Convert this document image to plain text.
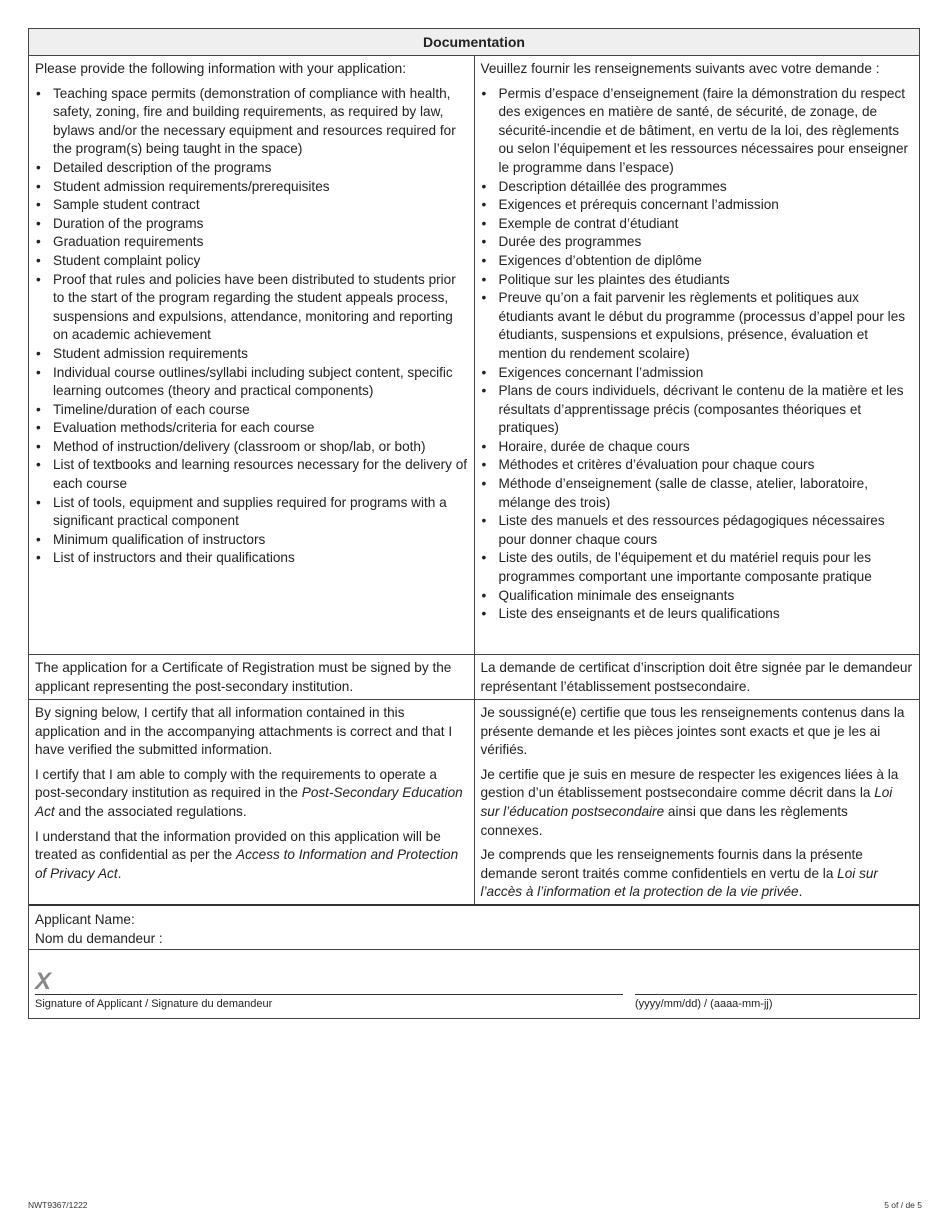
Documentation

Please provide the following information with your application:

• Teaching space permits (demonstration of compliance with health, safety, zoning, fire and building requirements, as required by law, bylaws and/or the necessary equipment and resources required for the program(s) being taught in the space)
• Detailed description of the programs
• Student admission requirements/prerequisites
• Sample student contract
• Duration of the programs
• Graduation requirements
• Student complaint policy
• Proof that rules and policies have been distributed to students prior to the start of the program regarding the student appeals process, suspensions and expulsions, attendance, monitoring and reporting on academic achievement
• Student admission requirements
• Individual course outlines/syllabi including subject content, specific learning outcomes (theory and practical components)
• Timeline/duration of each course
• Evaluation methods/criteria for each course
• Method of instruction/delivery (classroom or shop/lab, or both)
• List of textbooks and learning resources necessary for the delivery of each course
• List of tools, equipment and supplies required for programs with a significant practical component
• Minimum qualification of instructors
• List of instructors and their qualifications

Veuillez fournir les renseignements suivants avec votre demande :

• Permis d’espace d’enseignement (faire la démonstration du respect des exigences en matière de santé, de sécurité, de zonage, de sécurité-incendie et de bâtiment, en vertu de la loi, des règlements ou selon l’équipement et les ressources nécessaires pour enseigner le programme dans l’espace)
• Description détaillée des programmes
• Exigences et prérequis concernant l’admission
• Exemple de contrat d’étudiant
• Durée des programmes
• Exigences d’obtention de diplôme
• Politique sur les plaintes des étudiants
• Preuve qu’on a fait parvenir les règlements et politiques aux étudiants avant le début du programme (processus d’appel pour les étudiants, suspensions et expulsions, présence, évaluation et mention du rendement scolaire)
• Exigences concernant l’admission
• Plans de cours individuels, décrivant le contenu de la matière et les résultats d’apprentissage précis (composantes théoriques et pratiques)
• Horaire, durée de chaque cours
• Méthodes et critères d’évaluation pour chaque cours
• Méthode d’enseignement (salle de classe, atelier, laboratoire, mélange des trois)
• Liste des manuels et des ressources pédagogiques nécessaires pour donner chaque cours
• Liste des outils, de l’équipement et du matériel requis pour les programmes comportant une importante composante pratique
• Qualification minimale des enseignants
• Liste des enseignants et de leurs qualifications

The application for a Certificate of Registration must be signed by the applicant representing the post-secondary institution.

La demande de certificat d’inscription doit être signée par le demandeur représentant l’établissement postsecondaire.

By signing below, I certify that all information contained in this application and in the accompanying attachments is correct and that I have verified the submitted information.

I certify that I am able to comply with the requirements to operate a post-secondary institution as required in the Post-Secondary Education Act and the associated regulations.

I understand that the information provided on this application will be treated as confidential as per the Access to Information and Protection of Privacy Act.

Je soussigné(e) certifie que tous les renseignements contenus dans la présente demande et les pièces jointes sont exacts et que je les ai vérifiés.

Je certifie que je suis en mesure de respecter les exigences liées à la gestion d’un établissement postsecondaire comme décrit dans la Loi sur l’éducation postsecondaire ainsi que dans les règlements connexes.

Je comprends que les renseignements fournis dans la présente demande seront traités comme confidentiels en vertu de la Loi sur l’accès à l’information et la protection de la vie privée.

Applicant Name:
Nom du demandeur :
X
Signature of Applicant / Signature du demandeur	(yyyy/mm/dd) / (aaaa-mm-jj)
NWT9367/1222	5 of / de 5
